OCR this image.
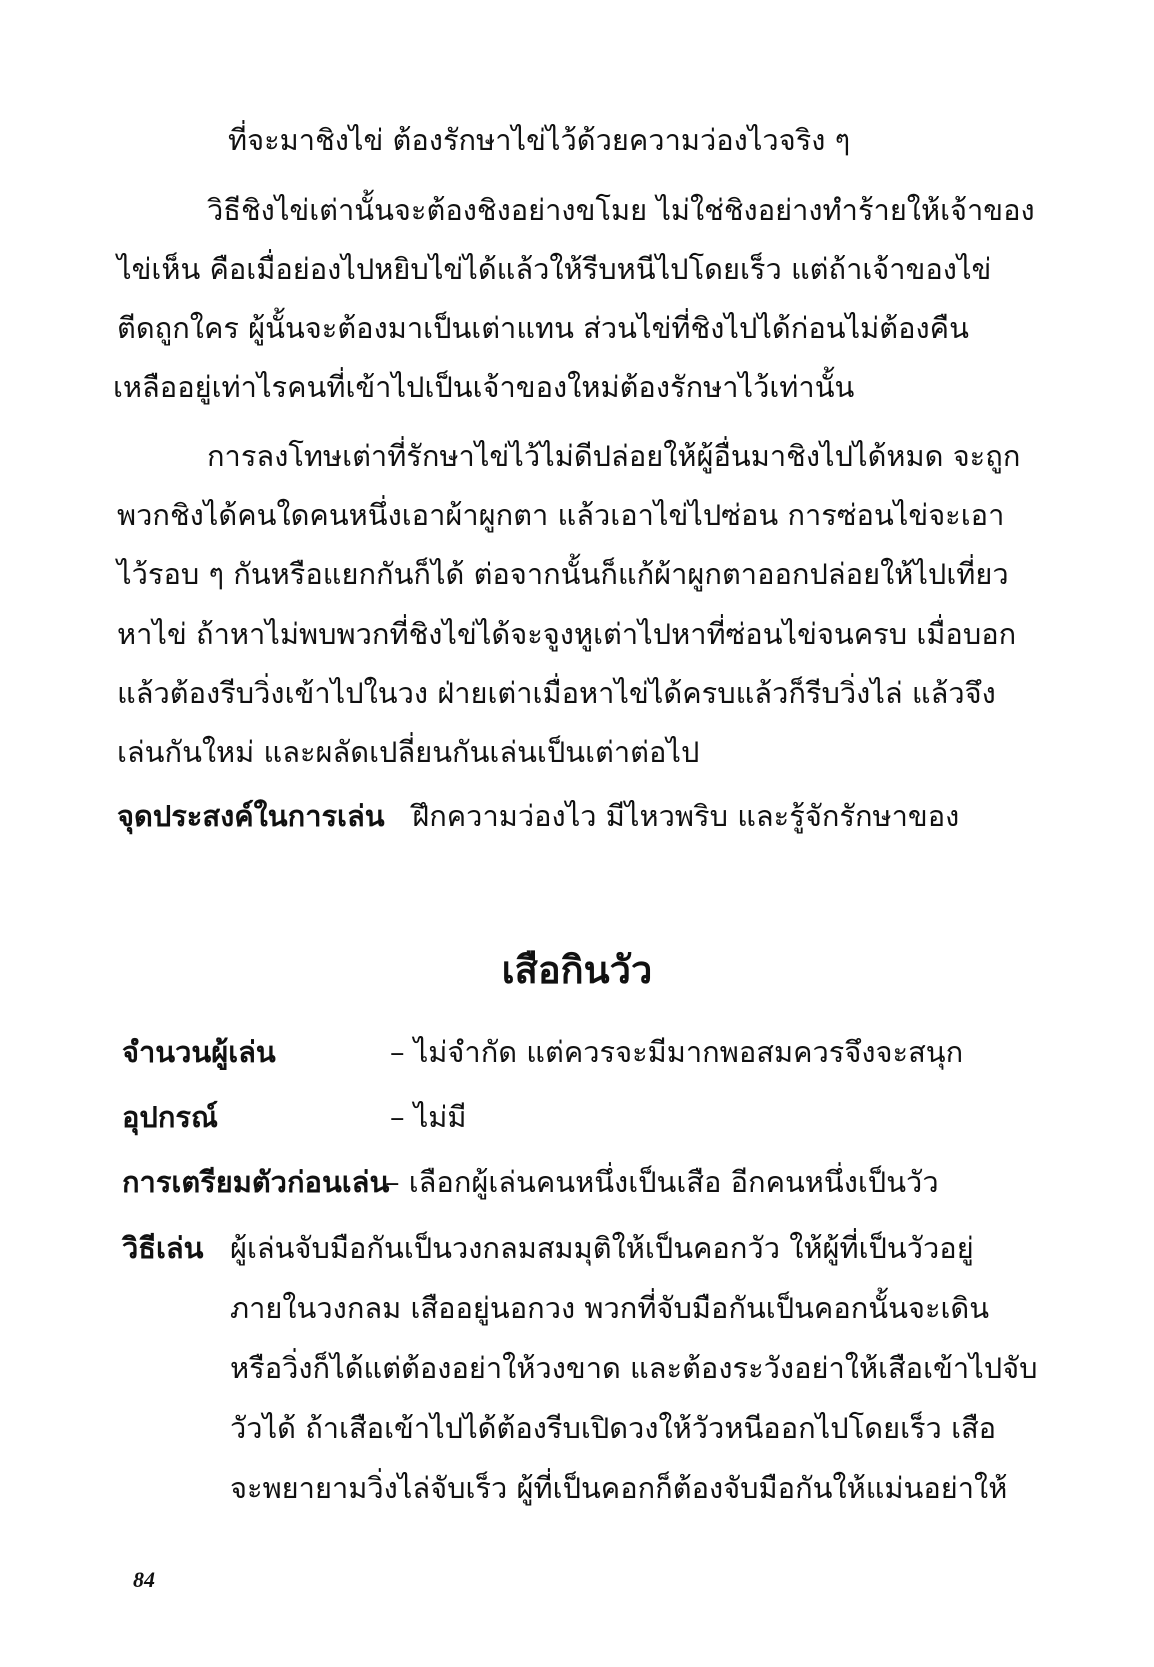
ที่จะมาชิงไข่ ต้องรักษาไข่ไว้ด้วยความว่องไวจริง ๆ
วิธีชิงไข่เต่านั้นจะต้องชิงอย่างขโมย ไม่ใช่ชิงอย่างทำร้ายให้เจ้าของ
ไข่เห็น คือเมื่อย่องไปหยิบไข่ได้แล้วให้รีบหนีไปโดยเร็ว แต่ถ้าเจ้าของไข่
ตีดถูกใคร ผู้นั้นจะต้องมาเป็นเต่าแทน ส่วนไข่ที่ชิงไปได้ก่อนไม่ต้องคืน
เหลืออยู่เท่าไรคนที่เข้าไปเป็นเจ้าของใหม่ต้องรักษาไว้เท่านั้น
การลงโทษเต่าที่รักษาไข่ไว้ไม่ดีปล่อยให้ผู้อื่นมาชิงไปได้หมด จะถูก
พวกชิงได้คนใดคนหนึ่งเอาผ้าผูกตา แล้วเอาไข่ไปซ่อน การซ่อนไข่จะเอา
ไว้รอบ ๆ กันหรือแยกกันก็ได้ ต่อจากนั้นก็แก้ผ้าผูกตาออกปล่อยให้ไปเที่ยว
หาไข่ ถ้าหาไม่พบพวกที่ชิงไข่ได้จะจูงหูเต่าไปหาที่ซ่อนไข่จนครบ เมื่อบอก
แล้วต้องรีบวิ่งเข้าไปในวง ฝ่ายเต่าเมื่อหาไข่ได้ครบแล้วก็รีบวิ่งไล่ แล้วจึง
เล่นกันใหม่ และผลัดเปลี่ยนกันเล่นเป็นเต่าต่อไป
จุดประสงค์ในการเล่น ฝึกความว่องไว มีไหวพริบ และรู้จักรักษาของ
เสือกินวัว
จำนวนผู้เล่น	– ไม่จำกัด แต่ควรจะมีมากพอสมควรจึงจะสนุก
อุปกรณ์	– ไม่มี
การเตรียมตัวก่อนเล่น
– เลือกผู้เล่นคนหนึ่งเป็นเสือ อีกคนหนึ่งเป็นวัว
วิธีเล่น ผู้เล่นจับมือกันเป็นวงกลมสมมุติให้เป็นคอกวัว ให้ผู้ที่เป็นวัวอยู่
ภายในวงกลม เสืออยู่นอกวง พวกที่จับมือกันเป็นคอกนั้นจะเดิน
หรือวิ่งก็ได้แต่ต้องอย่าให้วงขาด และต้องระวังอย่าให้เสือเข้าไปจับ
วัวได้ ถ้าเสือเข้าไปได้ต้องรีบเปิดวงให้วัวหนีออกไปโดยเร็ว เสือ
จะพยายามวิ่งไล่จับเร็ว ผู้ที่เป็นคอกก็ต้องจับมือกันให้แม่นอย่าให้
84
